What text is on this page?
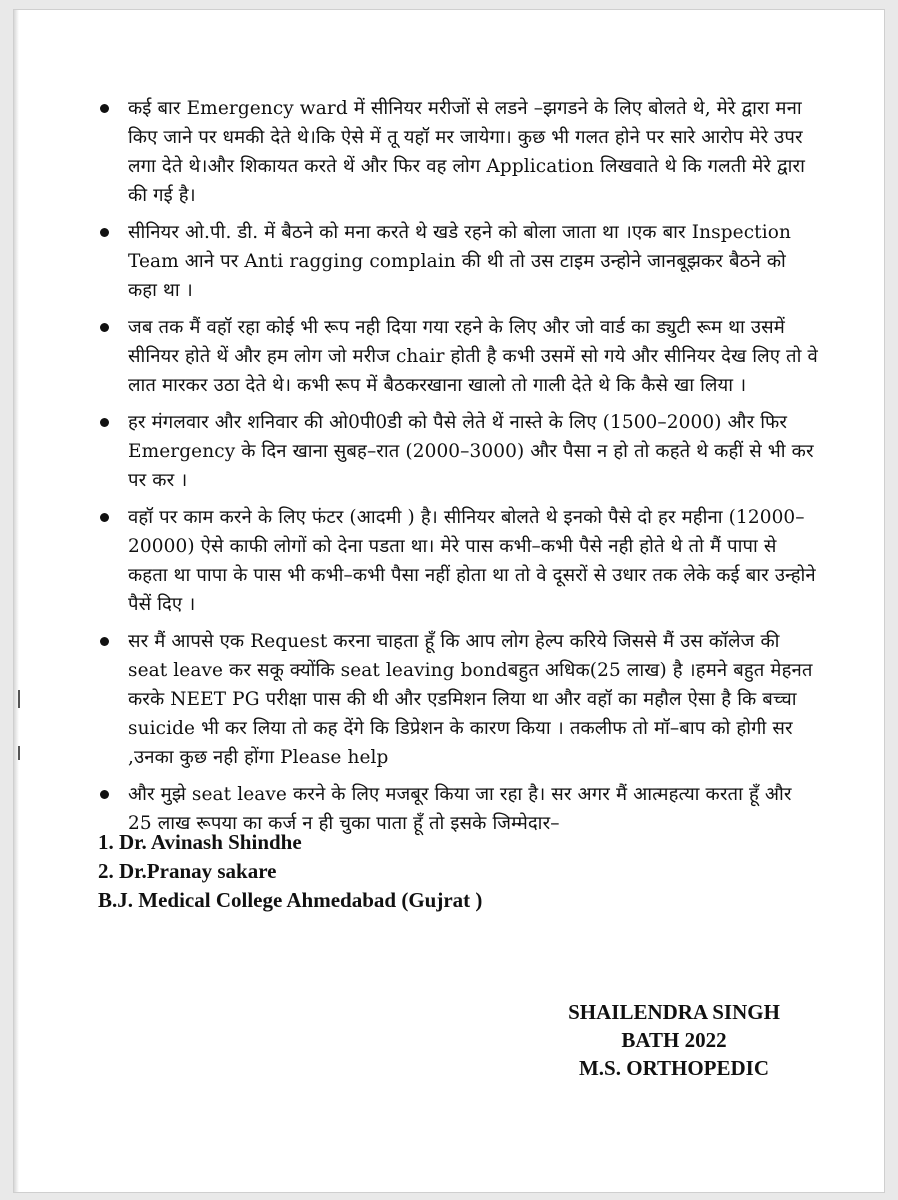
कई बार Emergency ward में सीनियर मरीजों से लडने –झगडने के लिए बोलते थे, मेरे द्वारा मना किए जाने पर धमकी देते थे।कि ऐसे में तू यहॉ मर जायेगा। कुछ भी गलत होने पर सारे आरोप मेरे उपर लगा देते थे।और शिकायत करते थें और फिर वह लोग Application लिखवाते थे कि गलती मेरे द्वारा की गई है।
सीनियर ओ.पी. डी. में बैठने को मना करते थे खडे रहने को बोला जाता था ।एक बार Inspection Team आने पर Anti ragging complain की थी तो उस टाइम उन्होने जानबूझकर बैठने को कहा था ।
जब तक मैं वहॉ रहा कोई भी रूप नही दिया गया रहने के लिए और जो वार्ड का ड्युटी रूम था उसमें सीनियर होते थें और हम लोग जो मरीज chair होती है कभी उसमें सो गये और सीनियर देख लिए तो वे लात मारकर उठा देते थे। कभी रूप में बैठकरखाना खालो तो गाली देते थे कि कैसे खा लिया ।
हर मंगलवार और शनिवार की ओ0पी0डी को पैसे लेते थें नास्ते के लिए (1500–2000) और फिर Emergency के दिन खाना सुबह–रात (2000–3000) और पैसा न हो तो कहते थे कहीं से भी कर पर कर ।
वहॉ पर काम करने के लिए फंटर (आदमी ) है। सीनियर बोलते थे इनको पैसे दो हर महीना (12000–20000) ऐसे काफी लोगों को देना पडता था। मेरे पास कभी–कभी पैसे नही होते थे तो मैं पापा से कहता था पापा के पास भी कभी–कभी पैसा नहीं होता था तो वे दूसरों से उधार तक लेके कई बार उन्होने पैसें दिए ।
सर मैं आपसे एक Request करना चाहता हूँ कि आप लोग हेल्प करिये जिससे मैं उस कॉलेज की seat leave कर सकू क्योंकि seat leaving bondबहुत अधिक(25 लाख) है ।हमने बहुत मेहनत करके NEET PG परीक्षा पास की थी और एडमिशन लिया था और वहॉ का महौल ऐसा है कि बच्चा suicide भी कर लिया तो कह देंगे कि डिप्रेशन के कारण किया । तकलीफ तो मॉ–बाप को होगी सर ,उनका कुछ नही होंगा Please help
और मुझे seat leave करने के लिए मजबूर किया जा रहा है। सर अगर मैं आत्महत्या करता हूँ और 25 लाख रूपया का कर्ज न ही चुका पाता हूँ तो इसके जिम्मेदार–
1. Dr. Avinash Shindhe
2. Dr.Pranay sakare
B.J. Medical College Ahmedabad (Gujrat )
SHAILENDRA SINGH
BATH 2022
M.S. ORTHOPEDIC
